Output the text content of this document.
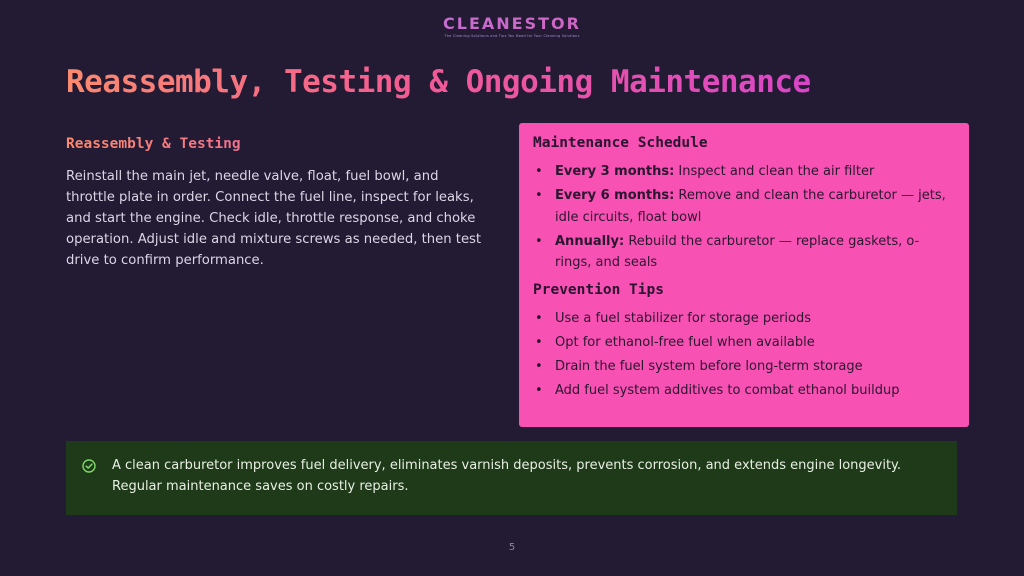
CLEANESTOR
The Cleaning Solutions and Tips You Need for Your Cleaning Solutions
Reassembly, Testing & Ongoing Maintenance
Reassembly & Testing
Reinstall the main jet, needle valve, float, fuel bowl, and throttle plate in order. Connect the fuel line, inspect for leaks, and start the engine. Check idle, throttle response, and choke operation. Adjust idle and mixture screws as needed, then test drive to confirm performance.
Maintenance Schedule
• Every 3 months: Inspect and clean the air filter
• Every 6 months: Remove and clean the carburetor — jets, idle circuits, float bowl
• Annually: Rebuild the carburetor — replace gaskets, o-rings, and seals
Prevention Tips
• Use a fuel stabilizer for storage periods
• Opt for ethanol-free fuel when available
• Drain the fuel system before long-term storage
• Add fuel system additives to combat ethanol buildup
A clean carburetor improves fuel delivery, eliminates varnish deposits, prevents corrosion, and extends engine longevity. Regular maintenance saves on costly repairs.
5
